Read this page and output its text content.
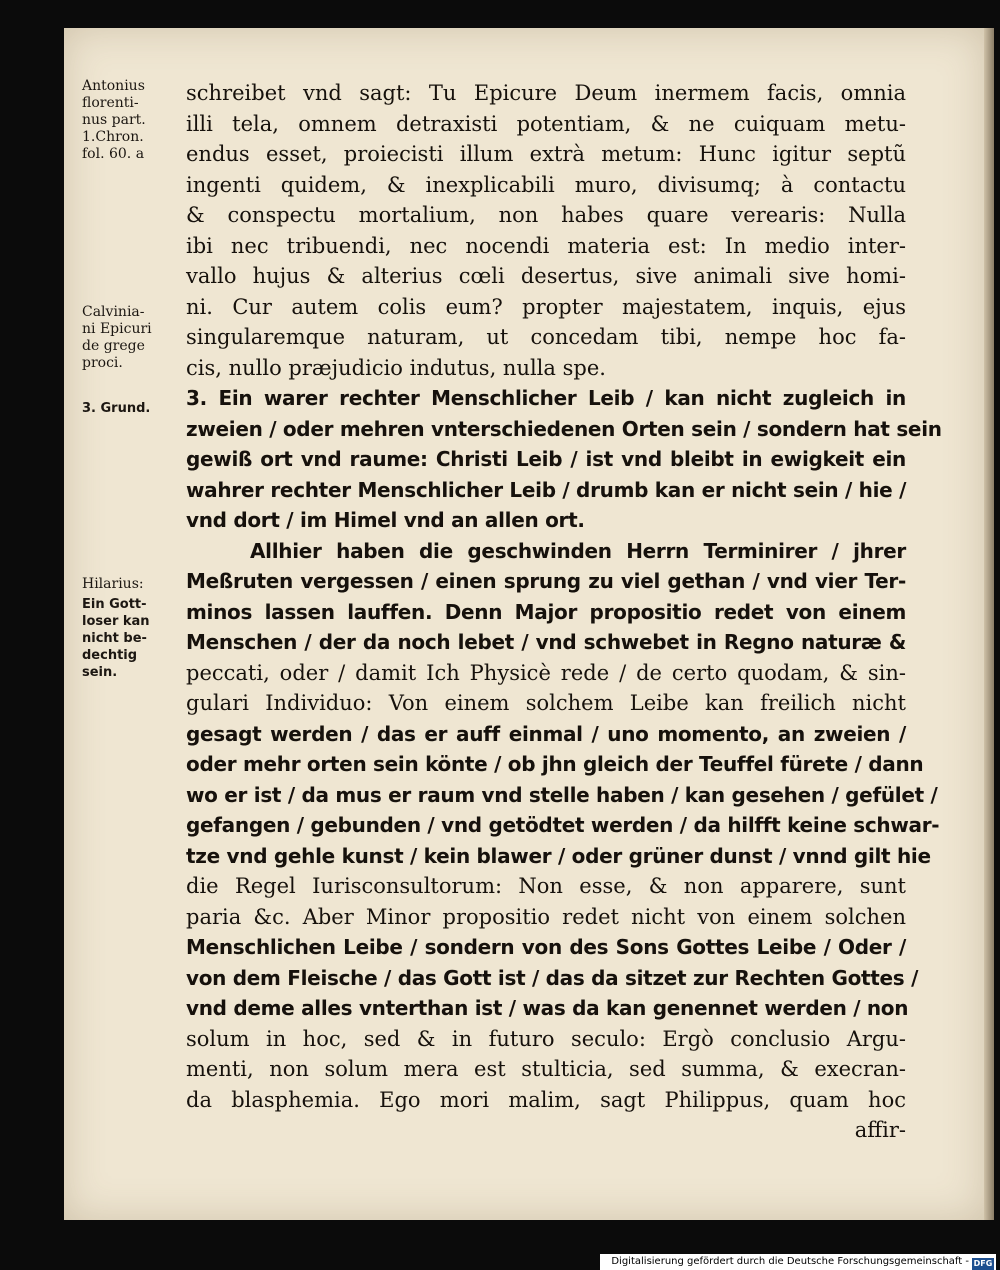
Antonius
florenti-
nus part.
1.Chron.
fol. 60. a
Calvinia-
ni Epicuri
de grege
proci.
3. Grund.
Hilarius:
Ein Gott-
loser kan
nicht be-
dechtig
sein.
schreibet vnd sagt: Tu Epicure Deum inermem facis, omnia
illi tela, omnem detraxisti potentiam, & ne cuiquam metu-
endus esset, proiecisti illum extrà metum: Hunc igitur septũ
ingenti quidem, & inexplicabili muro, divisumq; à contactu
& conspectu mortalium, non habes quare verearis: Nulla
ibi nec tribuendi, nec nocendi materia est: In medio inter-
vallo hujus & alterius cœli desertus, sive animali sive homi-
ni. Cur autem colis eum? propter majestatem, inquis, ejus
singularemque naturam, ut concedam tibi, nempe hoc fa-
cis, nullo præjudicio indutus, nulla spe.
3. Ein warer rechter Menschlicher Leib / kan nicht zugleich in
zweien / oder mehren vnterschiedenen Orten sein / sondern hat sein
gewiß ort vnd raume: Christi Leib / ist vnd bleibt in ewigkeit ein
wahrer rechter Menschlicher Leib / drumb kan er nicht sein / hie /
vnd dort / im Himel vnd an allen ort.
Allhier haben die geschwinden Herrn Terminirer / jhrer
Meßruten vergessen / einen sprung zu viel gethan / vnd vier Ter-
minos lassen lauffen. Denn Major propositio redet von einem
Menschen / der da noch lebet / vnd schwebet in Regno naturæ &
peccati, oder / damit Ich Physicè rede / de certo quodam, & sin-
gulari Individuo: Von einem solchem Leibe kan freilich nicht
gesagt werden / das er auff einmal / uno momento, an zweien /
oder mehr orten sein könte / ob jhn gleich der Teuffel fürete / dann
wo er ist / da mus er raum vnd stelle haben / kan gesehen / gefület /
gefangen / gebunden / vnd getödtet werden / da hilfft keine schwar-
tze vnd gehle kunst / kein blawer / oder grüner dunst / vnnd gilt hie
die Regel Iurisconsultorum: Non esse, & non apparere, sunt
paria &c. Aber Minor propositio redet nicht von einem solchen
Menschlichen Leibe / sondern von des Sons Gottes Leibe / Oder /
von dem Fleische / das Gott ist / das da sitzet zur Rechten Gottes /
vnd deme alles vnterthan ist / was da kan genennet werden / non
solum in hoc, sed & in futuro seculo: Ergò conclusio Argu-
menti, non solum mera est stulticia, sed summa, & execran-
da blasphemia. Ego mori malim, sagt Philippus, quam hoc
affir-
Digitalisierung gefördert durch die Deutsche Forschungsgemeinschaft - DFG
